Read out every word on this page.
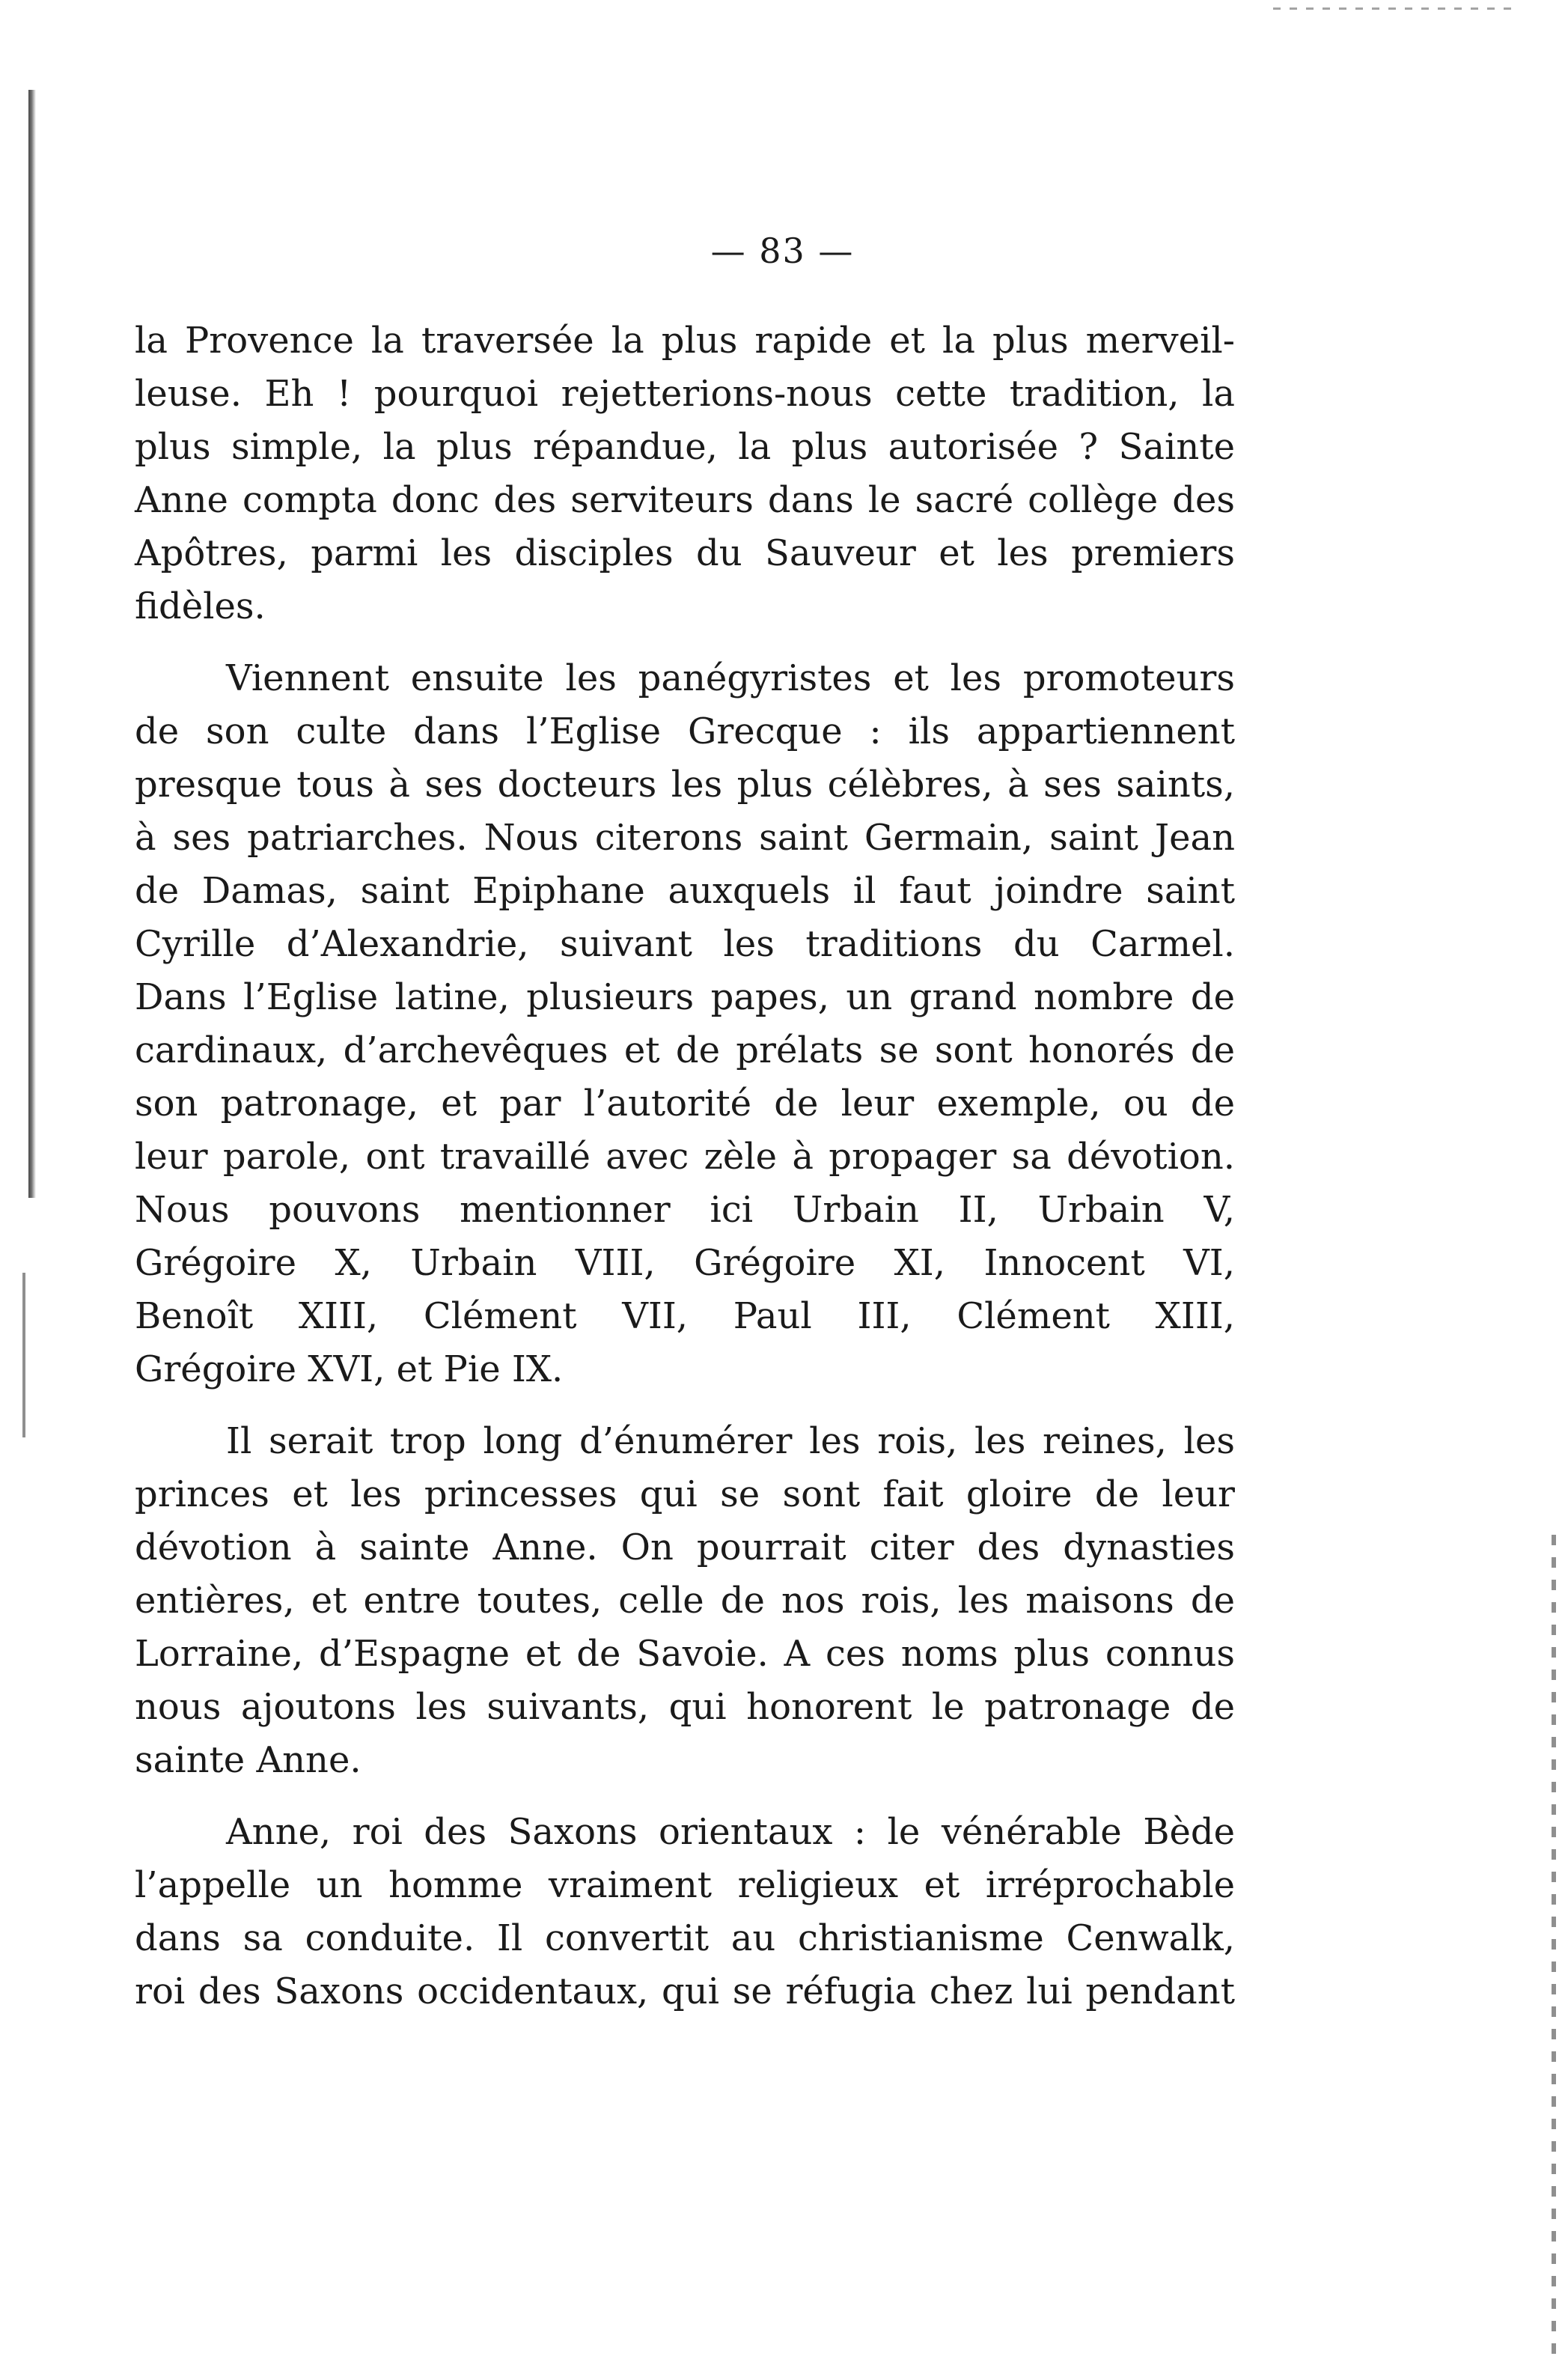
— 83 —

la Provence la traversée la plus rapide et la plus merveil-
leuse. Eh ! pourquoi rejetterions-nous cette tradition, la
plus simple, la plus répandue, la plus autorisée ? Sainte
Anne compta donc des serviteurs dans le sacré collège des
Apôtres, parmi les disciples du Sauveur et les premiers
fidèles.

Viennent ensuite les panégyristes et les promoteurs
de son culte dans l’Eglise Grecque : ils appartiennent
presque tous à ses docteurs les plus célèbres, à ses saints,
à ses patriarches. Nous citerons saint Germain, saint Jean
de Damas, saint Epiphane auxquels il faut joindre saint
Cyrille d’Alexandrie, suivant les traditions du Carmel.
Dans l’Eglise latine, plusieurs papes, un grand nombre de
cardinaux, d’archevêques et de prélats se sont honorés de
son patronage, et par l’autorité de leur exemple, ou de
leur parole, ont travaillé avec zèle à propager sa dévotion.
Nous pouvons mentionner ici Urbain II, Urbain V,
Grégoire X, Urbain VIII, Grégoire XI, Innocent VI,
Benoît XIII, Clément VII, Paul III, Clément XIII,
Grégoire XVI, et Pie IX.

Il serait trop long d’énumérer les rois, les reines, les
princes et les princesses qui se sont fait gloire de leur
dévotion à sainte Anne. On pourrait citer des dynasties
entières, et entre toutes, celle de nos rois, les maisons de
Lorraine, d’Espagne et de Savoie. A ces noms plus connus
nous ajoutons les suivants, qui honorent le patronage de
sainte Anne.

Anne, roi des Saxons orientaux : le vénérable Bède
l’appelle un homme vraiment religieux et irréprochable
dans sa conduite. Il convertit au christianisme Cenwalk,
roi des Saxons occidentaux, qui se réfugia chez lui pendant
